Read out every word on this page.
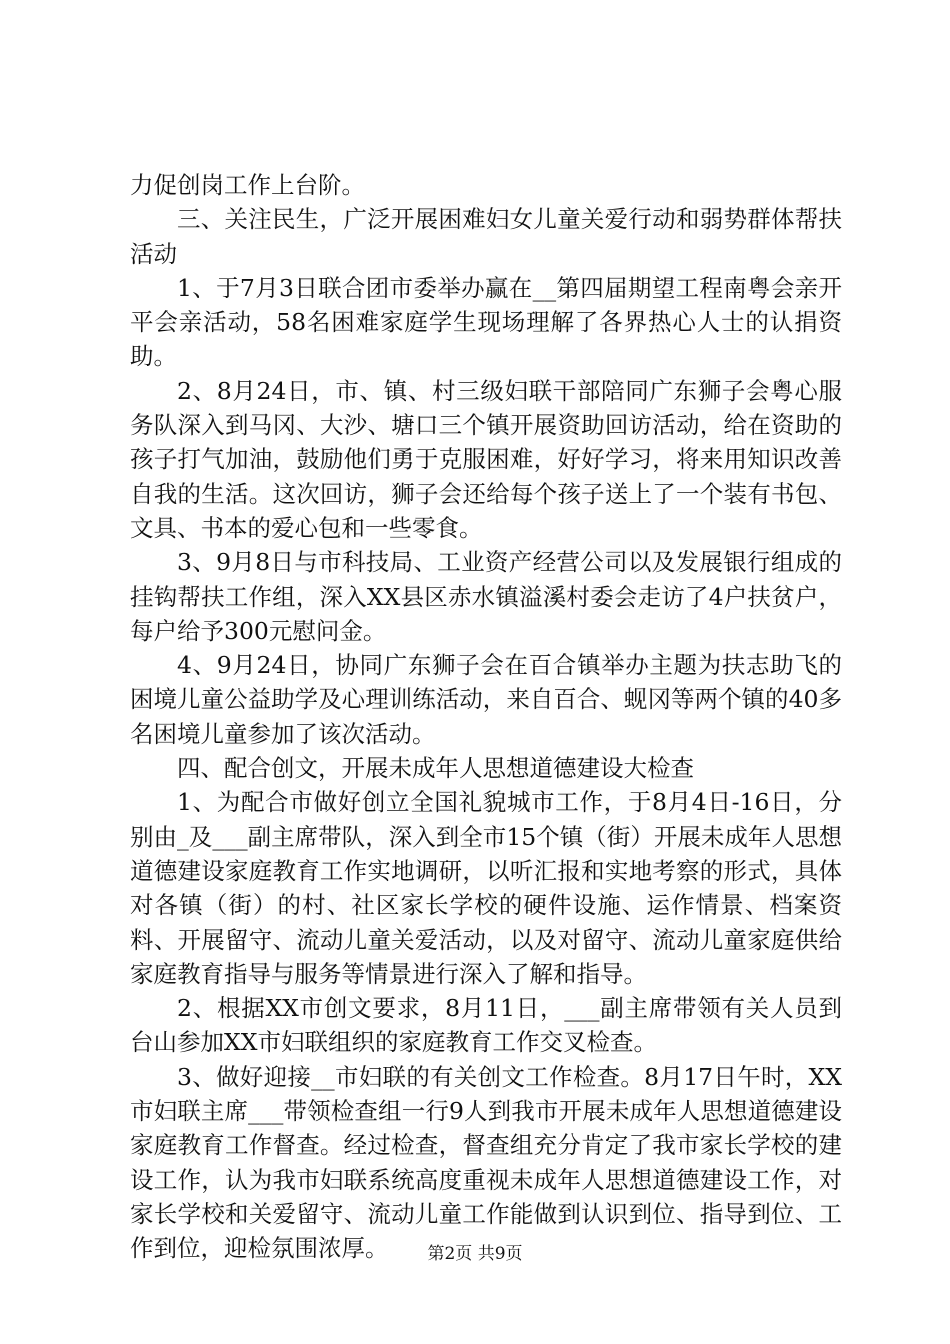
力促创岗工作上台阶。

三、关注民生，广泛开展困难妇女儿童关爱行动和弱势群体帮扶活动

1、于7月3日联合团市委举办赢在__第四届期望工程南粤会亲开平会亲活动，58名困难家庭学生现场理解了各界热心人士的认捐资助。

2、8月24日，市、镇、村三级妇联干部陪同广东狮子会粤心服务队深入到马冈、大沙、塘口三个镇开展资助回访活动，给在资助的孩子打气加油，鼓励他们勇于克服困难，好好学习，将来用知识改善自我的生活。这次回访，狮子会还给每个孩子送上了一个装有书包、文具、书本的爱心包和一些零食。

3、9月8日与市科技局、工业资产经营公司以及发展银行组成的挂钩帮扶工作组，深入XX县区赤水镇溢溪村委会走访了4户扶贫户，每户给予300元慰问金。

4、9月24日，协同广东狮子会在百合镇举办主题为扶志助飞的困境儿童公益助学及心理训练活动，来自百合、蚬冈等两个镇的40多名困境儿童参加了该次活动。

四、配合创文，开展未成年人思想道德建设大检查

1、为配合市做好创立全国礼貌城市工作，于8月4日-16日，分别由_及___副主席带队，深入到全市15个镇（街）开展未成年人思想道德建设家庭教育工作实地调研，以听汇报和实地考察的形式，具体对各镇（街）的村、社区家长学校的硬件设施、运作情景、档案资料、开展留守、流动儿童关爱活动，以及对留守、流动儿童家庭供给家庭教育指导与服务等情景进行深入了解和指导。

2、根据XX市创文要求，8月11日，___副主席带领有关人员到台山参加XX市妇联组织的家庭教育工作交叉检查。

3、做好迎接__市妇联的有关创文工作检查。8月17日午时，XX市妇联主席___带领检查组一行9人到我市开展未成年人思想道德建设家庭教育工作督查。经过检查，督查组充分肯定了我市家长学校的建设工作，认为我市妇联系统高度重视未成年人思想道德建设工作，对家长学校和关爱留守、流动儿童工作能做到认识到位、指导到位、工作到位，迎检氛围浓厚。	第2页 共9页
